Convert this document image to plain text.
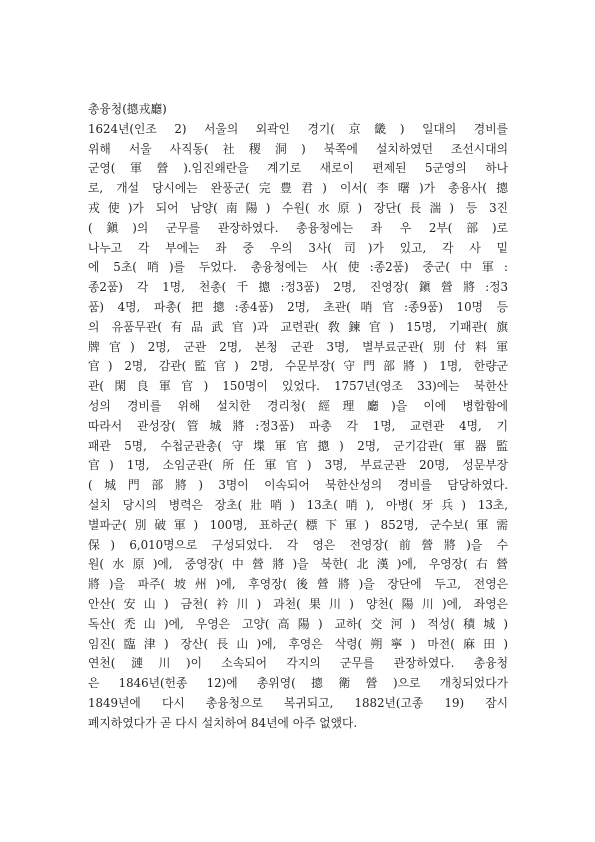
총융청(摠戎廳)
1624년(인조 2) 서울의 외곽인 경기(京畿) 일대의 경비를
위해 서울 사직동(社稷洞) 북쪽에 설치하였던 조선시대의
군영(軍營).임진왜란을 계기로 새로이 편제된 5군영의 하나
로, 개설 당시에는 완풍군(完豊君) 이서(李曙)가 총융사(摠
戎使)가 되어 남양(南陽) 수원(水原) 장단(長湍) 등 3진
(鎭)의 군무를 관장하였다. 총융청에는 좌 우 2부(部)로
나누고 각 부에는 좌 중 우의 3사(司)가 있고, 각 사 밑
에 5초(哨)를 두었다. 총융청에는 사(使:종2품) 중군(中軍:
종2품) 각 1명, 천총(千摠:정3품) 2명, 진영장(鎭營將:정3
품) 4명, 파총(把摠:종4품) 2명, 초관(哨官:종9품) 10명 등
의 유품무관(有品武官)과 교련관(敎鍊官) 15명, 기패관(旗
牌官) 2명, 군관 2명, 본청 군관 3명, 별부료군관(別付料軍
官) 2명, 감관(監官) 2명, 수문부장(守門部將) 1명, 한량군
관(閑良軍官) 150명이 있었다. 1757년(영조 33)에는 북한산
성의 경비를 위해 설치한 경리청(經理廳)을 이에 병합함에
따라서 관성장(管城將:정3품) 파총 각 1명, 교련관 4명, 기
패관 5명, 수첩군관총(守堞軍官摠) 2명, 군기감관(軍器監
官) 1명, 소임군관(所任軍官) 3명, 부료군관 20명, 성문부장
(城門部將) 3명이 이속되어 북한산성의 경비를 담당하였다.
설치 당시의 병력은 장초(壯哨) 13초(哨), 아병(牙兵) 13초,
별파군(別破軍) 100명, 표하군(標下軍) 852명, 군수보(軍需
保) 6,010명으로 구성되었다. 각 영은 전영장(前營將)을 수
원(水原)에, 중영장(中營將)을 북한(北漢)에, 우영장(右營
將)을 파주(坡州)에, 후영장(後營將)을 장단에 두고, 전영은
안산(安山) 금천(衿川) 과천(果川) 양천(陽川)에, 좌영은
독산(禿山)에, 우영은 고양(高陽) 교하(交河) 적성(積城)
임진(臨津) 장산(長山)에, 후영은 삭령(朔寧) 마전(麻田)
연천(漣川)이 소속되어 각지의 군무를 관장하였다. 총융청
은 1846년(헌종 12)에 총위영(摠衛營)으로 개칭되었다가
1849년에 다시 총융청으로 복귀되고, 1882년(고종 19) 잠시
폐지하였다가 곧 다시 설치하여 84년에 아주 없앴다.
